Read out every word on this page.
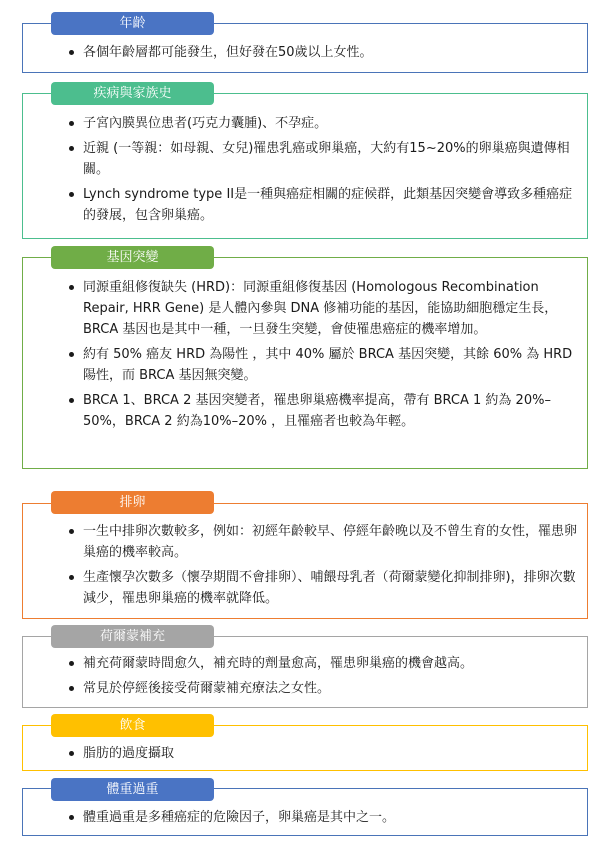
各個年齡層都可能發生，但好發在50歲以上女性。
年齡
子宮內膜異位患者(巧克力囊腫)、不孕症。
近親 (一等親：如母親、女兒)罹患乳癌或卵巢癌，大約有15~20%的卵巢癌與遺傳相關。
Lynch syndrome type II是一種與癌症相關的症候群，此類基因突變會導致多種癌症的發展，包含卵巢癌。
疾病與家族史
同源重組修復缺失 (HRD)：同源重組修復基因 (Homologous Recombination Repair, HRR Gene) 是人體內參與 DNA 修補功能的基因，能協助細胞穩定生長，BRCA 基因也是其中一種，一旦發生突變，會使罹患癌症的機率增加。
約有 50% 癌友 HRD 為陽性 ，其中 40% 屬於 BRCA 基因突變，其餘 60% 為 HRD 陽性，而 BRCA 基因無突變。
BRCA 1、BRCA 2 基因突變者，罹患卵巢癌機率提高，帶有 BRCA 1 約為 20%–50%，BRCA 2 約為10%–20% ，且罹癌者也較為年輕。
基因突變
一生中排卵次數較多，例如：初經年齡較早、停經年齡晚以及不曾生育的女性，罹患卵巢癌的機率較高。
生產懷孕次數多（懷孕期間不會排卵）、哺餵母乳者（荷爾蒙變化抑制排卵)，排卵次數減少，罹患卵巢癌的機率就降低。
排卵
補充荷爾蒙時間愈久，補充時的劑量愈高，罹患卵巢癌的機會越高。
常見於停經後接受荷爾蒙補充療法之女性。
荷爾蒙補充
脂肪的過度攝取
飲食
體重過重是多種癌症的危險因子，卵巢癌是其中之一。
體重過重
